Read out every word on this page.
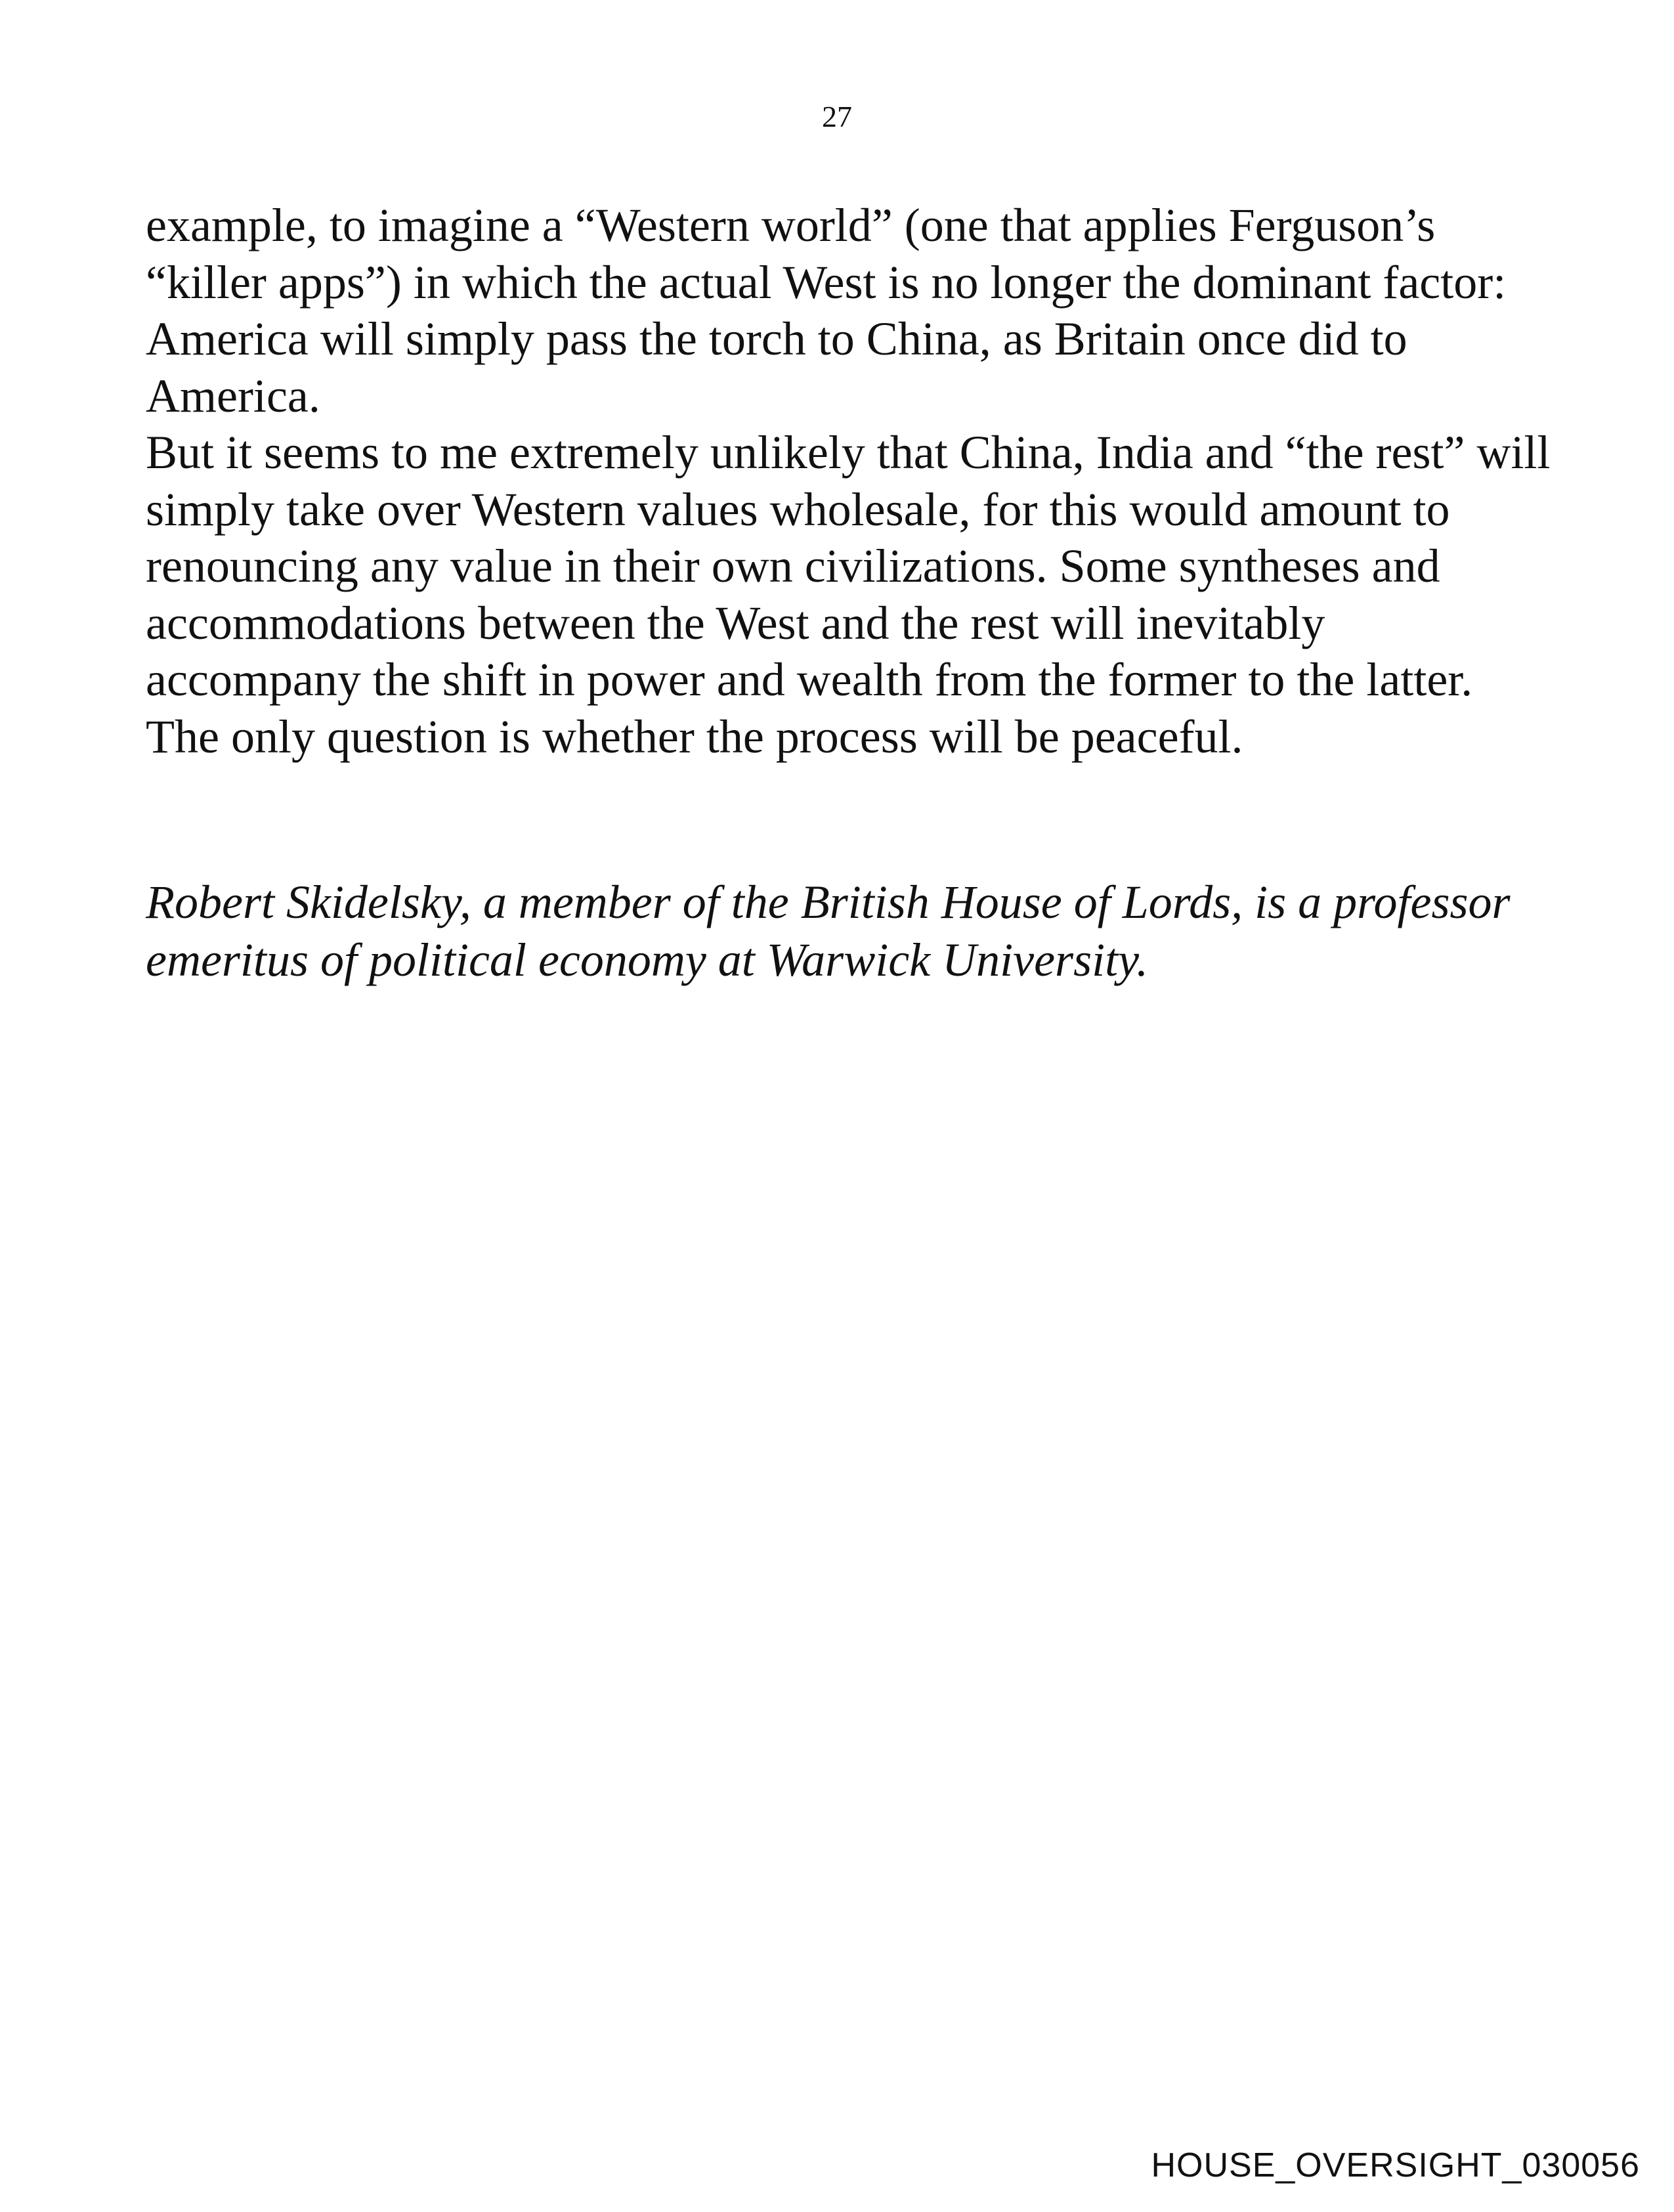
27

example, to imagine a “Western world” (one that applies Ferguson’s “killer apps”) in which the actual West is no longer the dominant factor: America will simply pass the torch to China, as Britain once did to America.

But it seems to me extremely unlikely that China, India and “the rest” will simply take over Western values wholesale, for this would amount to renouncing any value in their own civilizations. Some syntheses and accommodations between the West and the rest will inevitably accompany the shift in power and wealth from the former to the latter. The only question is whether the process will be peaceful.

Robert Skidelsky, a member of the British House of Lords, is a professor emeritus of political economy at Warwick University.

HOUSE_OVERSIGHT_030056
